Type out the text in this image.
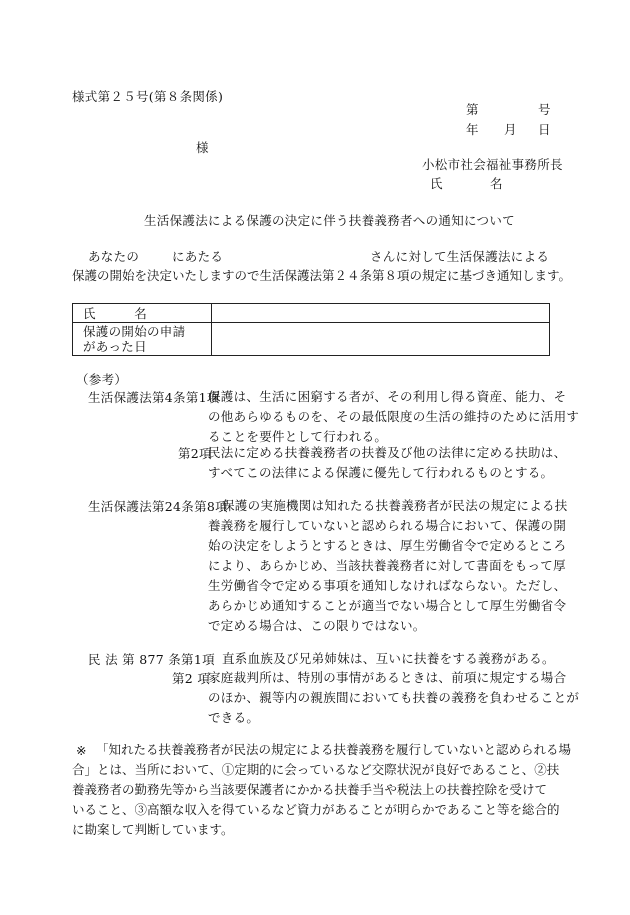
様式第２５号(第８条関係)
第	号
年 月 日
様
小松市社会福祉事務所長
氏	名
生活保護法による保護の決定に伴う扶養義務者への通知について
あなたの	にあたる	さんに対して生活保護法による
保護の開始を決定いたしますので生活保護法第２４条第８項の規定に基づき通知します。
氏　　　名	

保護の開始の申請
があった日	

（参考）
生活保護法第4条第1項
保護は、生活に困窮する者が、その利用し得る資産、能力、そ
の他あらゆるものを、その最低限度の生活の維持のために活用す
ることを要件として行われる。
第2項
民法に定める扶養義務者の扶養及び他の法律に定める扶助は、
すべてこの法律による保護に優先して行われるものとする。
生活保護法第24条第8項
保護の実施機関は知れたる扶養義務者が民法の規定による扶
養義務を履行していないと認められる場合において、保護の開
始の決定をしようとするときは、厚生労働省令で定めるところ
により、あらかじめ、当該扶養義務者に対して書面をもって厚
生労働省令で定める事項を通知しなければならない。ただし、
あらかじめ通知することが適当でない場合として厚生労働省令
で定める場合は、この限りではない。
民 法 第 877 条第1項 直系血族及び兄弟姉妹は、互いに扶養をする義務がある。
第2 項
家庭裁判所は、特別の事情があるときは、前項に規定する場合
のほか、親等内の親族間においても扶養の義務を負わせることが
できる。
※ 「知れたる扶養義務者が民法の規定による扶養義務を履行していないと認められる場
合」とは、当所において、①定期的に会っているなど交際状況が良好であること、②扶
養義務者の勤務先等から当該要保護者にかかる扶養手当や税法上の扶養控除を受けて
いること、③高額な収入を得ているなど資力があることが明らかであること等を総合的
に勘案して判断しています。
